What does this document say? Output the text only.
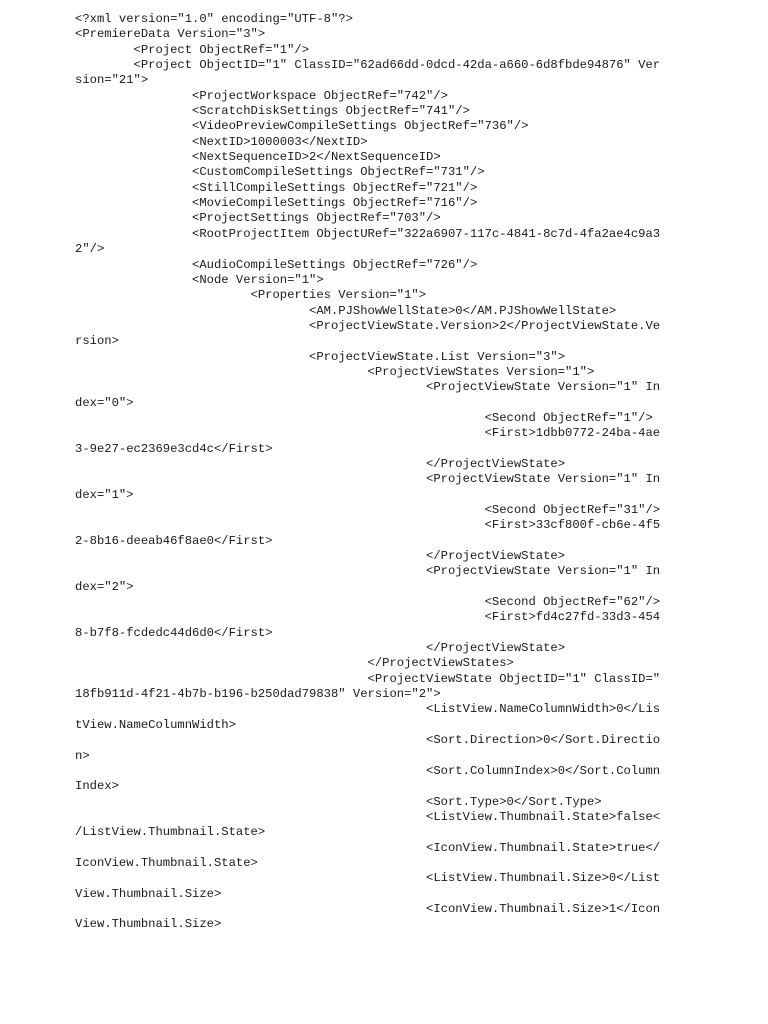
<?xml version="1.0" encoding="UTF-8"?>
<PremiereData Version="3">
<Project ObjectRef="1"/>
<Project ObjectID="1" ClassID="62ad66dd-0dcd-42da-a660-6d8fbde94876" Ver
sion="21">
<ProjectWorkspace ObjectRef="742"/>
<ScratchDiskSettings ObjectRef="741"/>
<VideoPreviewCompileSettings ObjectRef="736"/>
<NextID>1000003</NextID>
<NextSequenceID>2</NextSequenceID>
<CustomCompileSettings ObjectRef="731"/>
<StillCompileSettings ObjectRef="721"/>
<MovieCompileSettings ObjectRef="716"/>
<ProjectSettings ObjectRef="703"/>
<RootProjectItem ObjectURef="322a6907-117c-4841-8c7d-4fa2ae4c9a3
2"/>
<AudioCompileSettings ObjectRef="726"/>
<Node Version="1">
<Properties Version="1">
<AM.PJShowWellState>0</AM.PJShowWellState>
<ProjectViewState.Version>2</ProjectViewState.Ve
rsion>
<ProjectViewState.List Version="3">
<ProjectViewStates Version="1">
<ProjectViewState Version="1" In
dex="0">
<Second ObjectRef="1"/>
<First>1dbb0772-24ba-4ae
3-9e27-ec2369e3cd4c</First>
</ProjectViewState>
<ProjectViewState Version="1" In
dex="1">
<Second ObjectRef="31"/>
<First>33cf800f-cb6e-4f5
2-8b16-deeab46f8ae0</First>
</ProjectViewState>
<ProjectViewState Version="1" In
dex="2">
<Second ObjectRef="62"/>
<First>fd4c27fd-33d3-454
8-b7f8-fcdedc44d6d0</First>
</ProjectViewState>
</ProjectViewStates>
<ProjectViewState ObjectID="1" ClassID="
18fb911d-4f21-4b7b-b196-b250dad79838" Version="2">
<ListView.NameColumnWidth>0</Lis
tView.NameColumnWidth>
<Sort.Direction>0</Sort.Directio
n>
<Sort.ColumnIndex>0</Sort.Column
Index>
<Sort.Type>0</Sort.Type>
<ListView.Thumbnail.State>false<
/ListView.Thumbnail.State>
<IconView.Thumbnail.State>true</
IconView.Thumbnail.State>
<ListView.Thumbnail.Size>0</List
View.Thumbnail.Size>
<IconView.Thumbnail.Size>1</Icon
View.Thumbnail.Size>
